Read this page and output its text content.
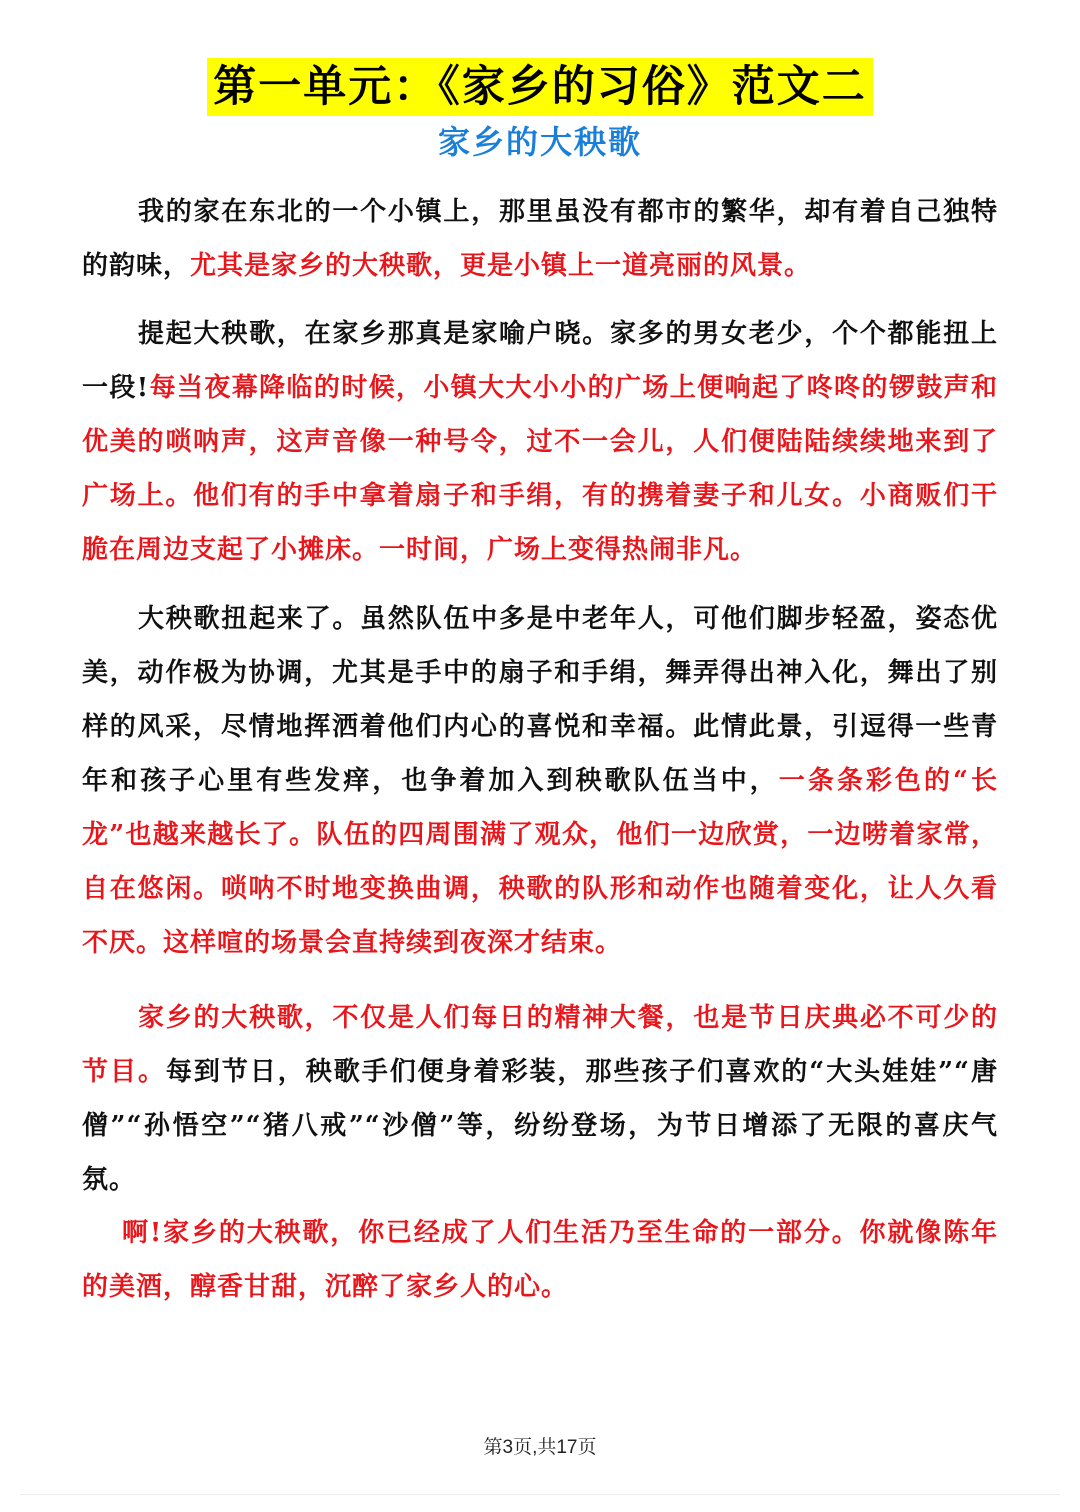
第一单元：《家乡的习俗》范文二
家乡的大秧歌

我的家在东北的一个小镇上，那里虽没有都市的繁华，却有着自己独特的韵味，尤其是家乡的大秧歌，更是小镇上一道亮丽的风景。

提起大秧歌，在家乡那真是家喻户晓。家多的男女老少，个个都能扭上一段!每当夜幕降临的时候，小镇大大小小的广场上便响起了咚咚的锣鼓声和优美的唢呐声，这声音像一种号令，过不一会儿，人们便陆陆续续地来到了广场上。他们有的手中拿着扇子和手绢，有的携着妻子和儿女。小商贩们干脆在周边支起了小摊床。一时间，广场上变得热闹非凡。

大秧歌扭起来了。虽然队伍中多是中老年人，可他们脚步轻盈，姿态优美，动作极为协调，尤其是手中的扇子和手绢，舞弄得出神入化，舞出了别样的风采，尽情地挥洒着他们内心的喜悦和幸福。此情此景，引逗得一些青年和孩子心里有些发痒，也争着加入到秧歌队伍当中，一条条彩色的“长龙”也越来越长了。队伍的四周围满了观众，他们一边欣赏，一边唠着家常，自在悠闲。唢呐不时地变换曲调，秧歌的队形和动作也随着变化，让人久看不厌。这样喧的场景会直持续到夜深才结束。

家乡的大秧歌，不仅是人们每日的精神大餐，也是节日庆典必不可少的节目。每到节日，秧歌手们便身着彩装，那些孩子们喜欢的“大头娃娃”“唐僧”“孙悟空”“猪八戒”“沙僧”等，纷纷登场，为节日增添了无限的喜庆气氛。

啊!家乡的大秧歌，你已经成了人们生活乃至生命的一部分。你就像陈年的美酒，醇香甘甜，沉醉了家乡人的心。

第3页,共17页
